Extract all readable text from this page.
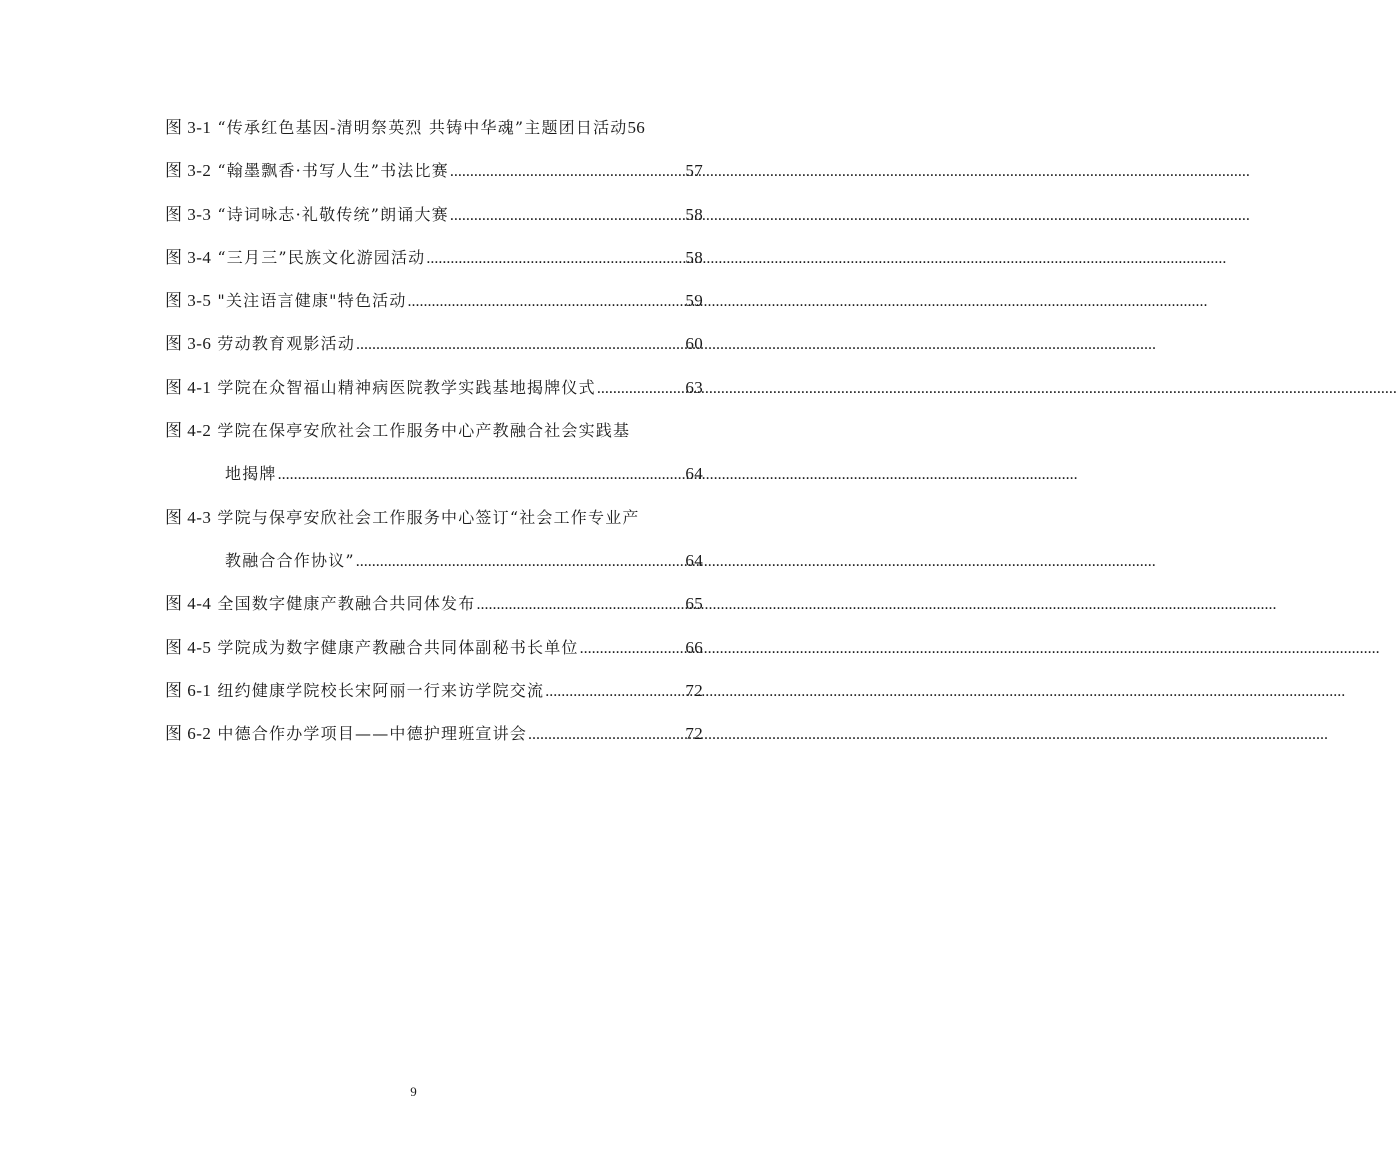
图 3-1 “传承红色基因-清明祭英烈 共铸中华魂”主题团日活动 56
图 3-2 “翰墨飘香·书写人生”书法比赛 .....	57
图 3-3 “诗词咏志·礼敬传统”朗诵大赛 .....	58
图 3-4 “三月三”民族文化游园活动 .....	58
图 3-5 "关注语言健康"特色活动 .....	59
图 3-6 劳动教育观影活动 .....	60
图 4-1 学院在众智福山精神病医院教学实践基地揭牌仪式 .....	63
图 4-2 学院在保亭安欣社会工作服务中心产教融合社会实践基
地揭牌 .....	64
图 4-3 学院与保亭安欣社会工作服务中心签订“社会工作专业产
教融合合作协议” .....	64
图 4-4 全国数字健康产教融合共同体发布 .....	65
图 4-5 学院成为数字健康产教融合共同体副秘书长单位 .....	66
图 6-1 纽约健康学院校长宋阿丽一行来访学院交流 .....	72
图 6-2 中德合作办学项目——中德护理班宣讲会 .....	72
9
